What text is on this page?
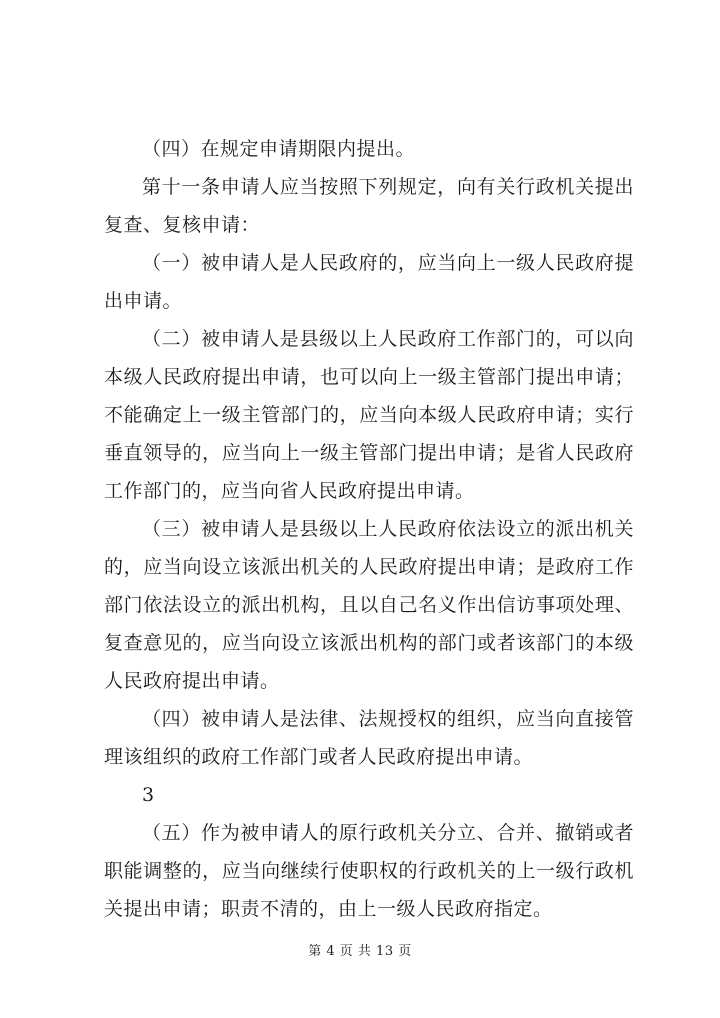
（四）在规定申请期限内提出。

第十一条申请人应当按照下列规定，向有关行政机关提出复查、复核申请：

（一）被申请人是人民政府的，应当向上一级人民政府提出申请。

（二）被申请人是县级以上人民政府工作部门的，可以向本级人民政府提出申请，也可以向上一级主管部门提出申请；不能确定上一级主管部门的，应当向本级人民政府申请；实行垂直领导的，应当向上一级主管部门提出申请；是省人民政府工作部门的，应当向省人民政府提出申请。

（三）被申请人是县级以上人民政府依法设立的派出机关的，应当向设立该派出机关的人民政府提出申请；是政府工作部门依法设立的派出机构，且以自己名义作出信访事项处理、复查意见的，应当向设立该派出机构的部门或者该部门的本级人民政府提出申请。

（四）被申请人是法律、法规授权的组织，应当向直接管理该组织的政府工作部门或者人民政府提出申请。

3

（五）作为被申请人的原行政机关分立、合并、撤销或者职能调整的，应当向继续行使职权的行政机关的上一级行政机关提出申请；职责不清的，由上一级人民政府指定。

第 4 页 共 13 页
